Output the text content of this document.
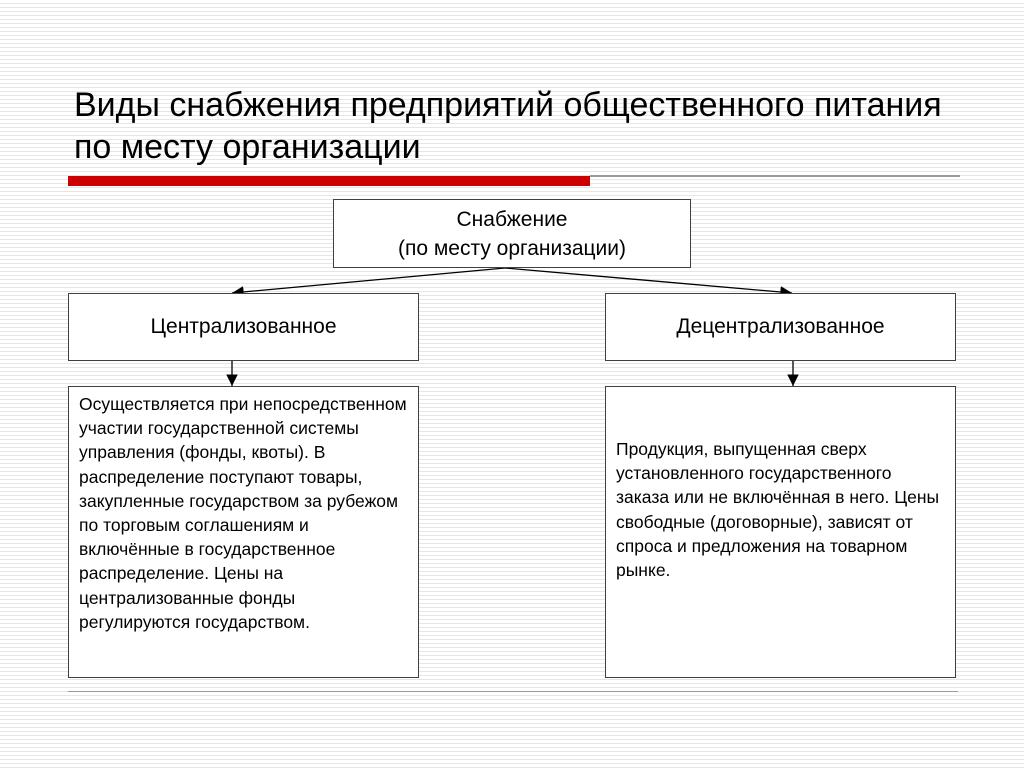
Виды снабжения предприятий общественного питания по месту организации
Снабжение
(по месту организации)
Централизованное	Децентрализованное
Осуществляется при непосредственном участии государственной системы управления (фонды, квоты). В распределение поступают товары, закупленные государством за рубежом по торговым соглашениям и включённые в государственное распределение. Цены на централизованные фонды регулируются государством.
Продукция, выпущенная сверх установленного государственного заказа или не включённая в него. Цены свободные (договорные), зависят от спроса и предложения на товарном рынке.
